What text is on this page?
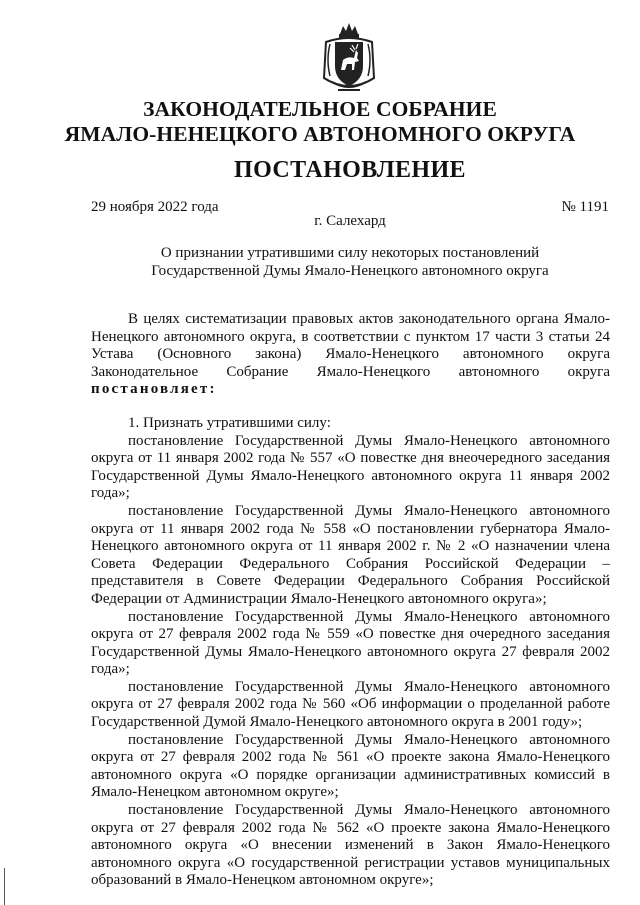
ЗАКОНОДАТЕЛЬНОЕ СОБРАНИЕ
ЯМАЛО-НЕНЕЦКОГО АВТОНОМНОГО ОКРУГА
ПОСТАНОВЛЕНИЕ
29 ноября 2022 года	№ 1191
г. Салехард
О признании утратившими силу некоторых постановлений
Государственной Думы Ямало-Ненецкого автономного округа

В целях систематизации правовых актов законодательного органа Ямало-Ненецкого автономного округа, в соответствии с пунктом 17 части 3 статьи 24 Устава (Основного закона) Ямало-Ненецкого автономного округа Законодательное Собрание Ямало-Ненецкого автономного округа постановляет:

1. Признать утратившими силу:

постановление Государственной Думы Ямало-Ненецкого автономного округа от 11 января 2002 года № 557 «О повестке дня внеочередного заседания Государственной Думы Ямало-Ненецкого автономного округа 11 января 2002 года»;

постановление Государственной Думы Ямало-Ненецкого автономного округа от 11 января 2002 года № 558 «О постановлении губернатора Ямало-Ненецкого автономного округа от 11 января 2002 г. № 2 «О назначении члена Совета Федерации Федерального Собрания Российской Федерации – представителя в Совете Федерации Федерального Собрания Российской Федерации от Администрации Ямало-Ненецкого автономного округа»;

постановление Государственной Думы Ямало-Ненецкого автономного округа от 27 февраля 2002 года № 559 «О повестке дня очередного заседания Государственной Думы Ямало-Ненецкого автономного округа 27 февраля 2002 года»;

постановление Государственной Думы Ямало-Ненецкого автономного округа от 27 февраля 2002 года № 560 «Об информации о проделанной работе Государственной Думой Ямало-Ненецкого автономного округа в 2001 году»;

постановление Государственной Думы Ямало-Ненецкого автономного округа от 27 февраля 2002 года № 561 «О проекте закона Ямало-Ненецкого автономного округа «О порядке организации административных комиссий в Ямало-Ненецком автономном округе»;

постановление Государственной Думы Ямало-Ненецкого автономного округа от 27 февраля 2002 года № 562 «О проекте закона Ямало-Ненецкого автономного округа «О внесении изменений в Закон Ямало-Ненецкого автономного округа «О государственной регистрации уставов муниципальных образований в Ямало-Ненецком автономном округе»;
